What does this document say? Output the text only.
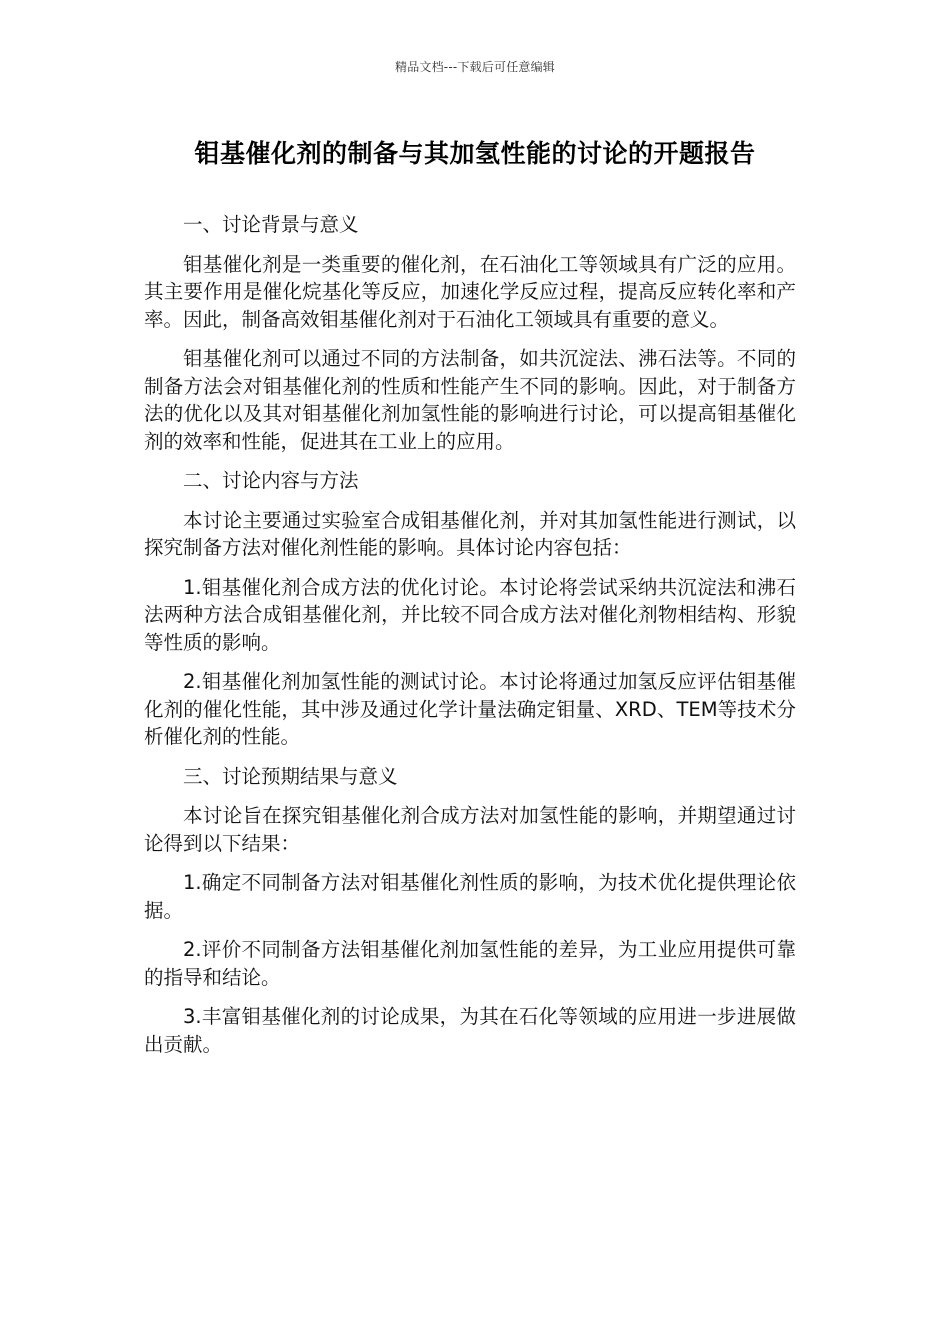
精品文档---下载后可任意编辑
钼基催化剂的制备与其加氢性能的讨论的开题报告

一、讨论背景与意义

钼基催化剂是一类重要的催化剂，在石油化工等领域具有广泛的应用。其主要作用是催化烷基化等反应，加速化学反应过程，提高反应转化率和产率。因此，制备高效钼基催化剂对于石油化工领域具有重要的意义。

钼基催化剂可以通过不同的方法制备，如共沉淀法、沸石法等。不同的制备方法会对钼基催化剂的性质和性能产生不同的影响。因此，对于制备方法的优化以及其对钼基催化剂加氢性能的影响进行讨论，可以提高钼基催化剂的效率和性能，促进其在工业上的应用。

二、讨论内容与方法

本讨论主要通过实验室合成钼基催化剂，并对其加氢性能进行测试，以探究制备方法对催化剂性能的影响。具体讨论内容包括：

1.钼基催化剂合成方法的优化讨论。本讨论将尝试采纳共沉淀法和沸石法两种方法合成钼基催化剂，并比较不同合成方法对催化剂物相结构、形貌等性质的影响。

2.钼基催化剂加氢性能的测试讨论。本讨论将通过加氢反应评估钼基催化剂的催化性能，其中涉及通过化学计量法确定钼量、XRD、TEM等技术分析催化剂的性能。

三、讨论预期结果与意义

本讨论旨在探究钼基催化剂合成方法对加氢性能的影响，并期望通过讨论得到以下结果：

1.确定不同制备方法对钼基催化剂性质的影响，为技术优化提供理论依据。

2.评价不同制备方法钼基催化剂加氢性能的差异，为工业应用提供可靠的指导和结论。

3.丰富钼基催化剂的讨论成果，为其在石化等领域的应用进一步进展做出贡献。
